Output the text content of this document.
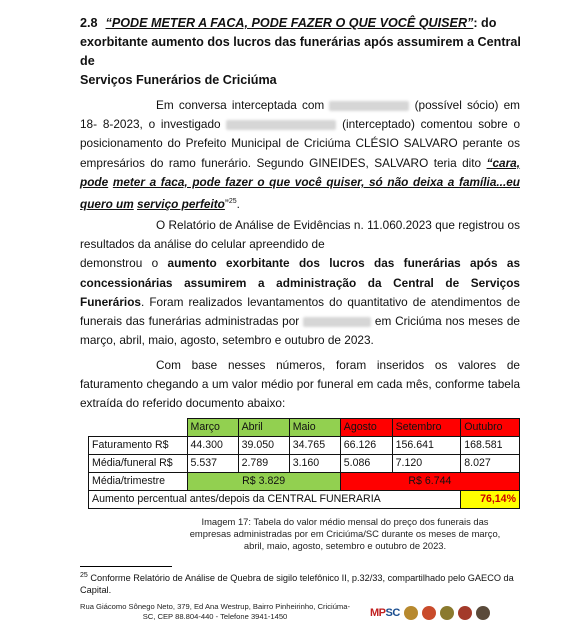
2.8 “PODE METER A FACA, PODE FAZER O QUE VOCÊ QUISER”: do
exorbitante aumento dos lucros das funerárias após assumirem a Central de
Serviços Funerários de Criciúma
Em conversa interceptada com	(possível sócio) em 18- 8-2023, o investigado	(interceptado) comentou sobre o posicionamento do Prefeito Municipal de Criciúma CLÉSIO SALVARO perante os empresários do ramo funerário. Segundo GINEIDES, SALVARO teria dito “cara, pode meter a faca, pode fazer o que você quiser, só não deixa a família...eu quero um serviço perfeito”$^{25}$.
O Relatório de Análise de Evidências n. 11.060.2023 que registrou os resultados da análise do celular apreendido de
demonstrou o aumento exorbitante dos lucros das funerárias após as concessionárias assumirem a administração da Central de Serviços Funerários. Foram realizados levantamentos do quantitativo de atendimentos de funerais das funerárias administradas por	em Criciúma nos meses de março, abril, maio, agosto, setembro e outubro de 2023.
Com base nesses números, foram inseridos os valores de faturamento chegando a um valor médio por funeral em cada mês, conforme tabela extraída do referido documento abaixo:
	Março	Abril	Maio	Agosto	Setembro	Outubro
Faturamento R$	44.300	39.050	34.765	66.126	156.641	168.581
Média/funeral R$	5.537	2.789	3.160	5.086	7.120	8.027
Média/trimestre	R$ 3.829			R$ 6.744		
Aumento percentual antes/depois da CENTRAL FUNERARIA						76,14%
Imagem 17: Tabela do valor médio mensal do preço dos funerais das empresas administradas por em Criciúma/SC durante os meses de março, abril, maio, agosto, setembro e outubro de 2023.
$^{25}$ Conforme Relatório de Análise de Quebra de sigilo telefônico II, p.32/33, compartilhado pelo GAECO da Capital.
Rua Giácomo Sônego Neto, 379, Ed Ana Westrup, Bairro Pinheirinho, Criciúma-SC, CEP 88.804-440 - Telefone 3941-1450	MPSC
